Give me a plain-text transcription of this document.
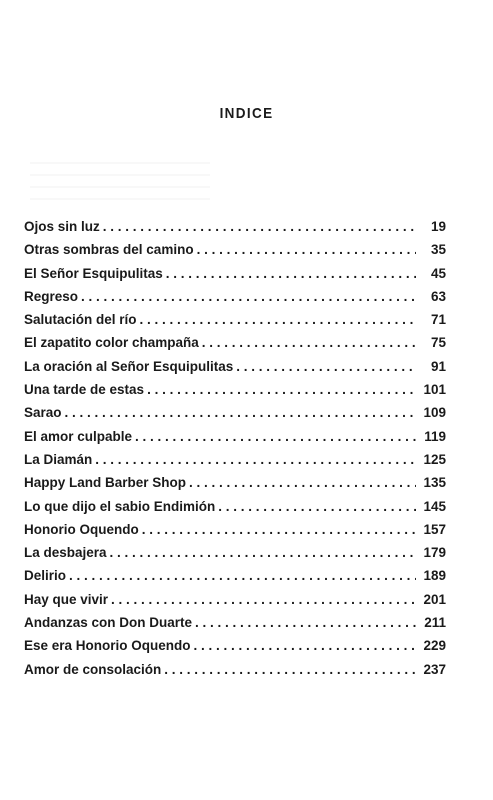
INDICE
Ojos sin luz . . .	19
Otras sombras del camino . . .	35
El Señor Esquipulitas . . .	45
Regreso . . .	63
Salutación del río . . .	71
El zapatito color champaña . . .	75
La oración al Señor Esquipulitas . . .	91
Una tarde de estas . . .	101
Sarao . . .	109
El amor culpable . . .	119
La Diamán . . .	125
Happy Land Barber Shop . . .	135
Lo que dijo el sabio Endimión . . .	145
Honorio Oquendo . . .	157
La desbajera . . .	179
Delirio . . .	189
Hay que vivir . . .	201
Andanzas con Don Duarte . . .	211
Ese era Honorio Oquendo . . .	229
Amor de consolación . . .	237
